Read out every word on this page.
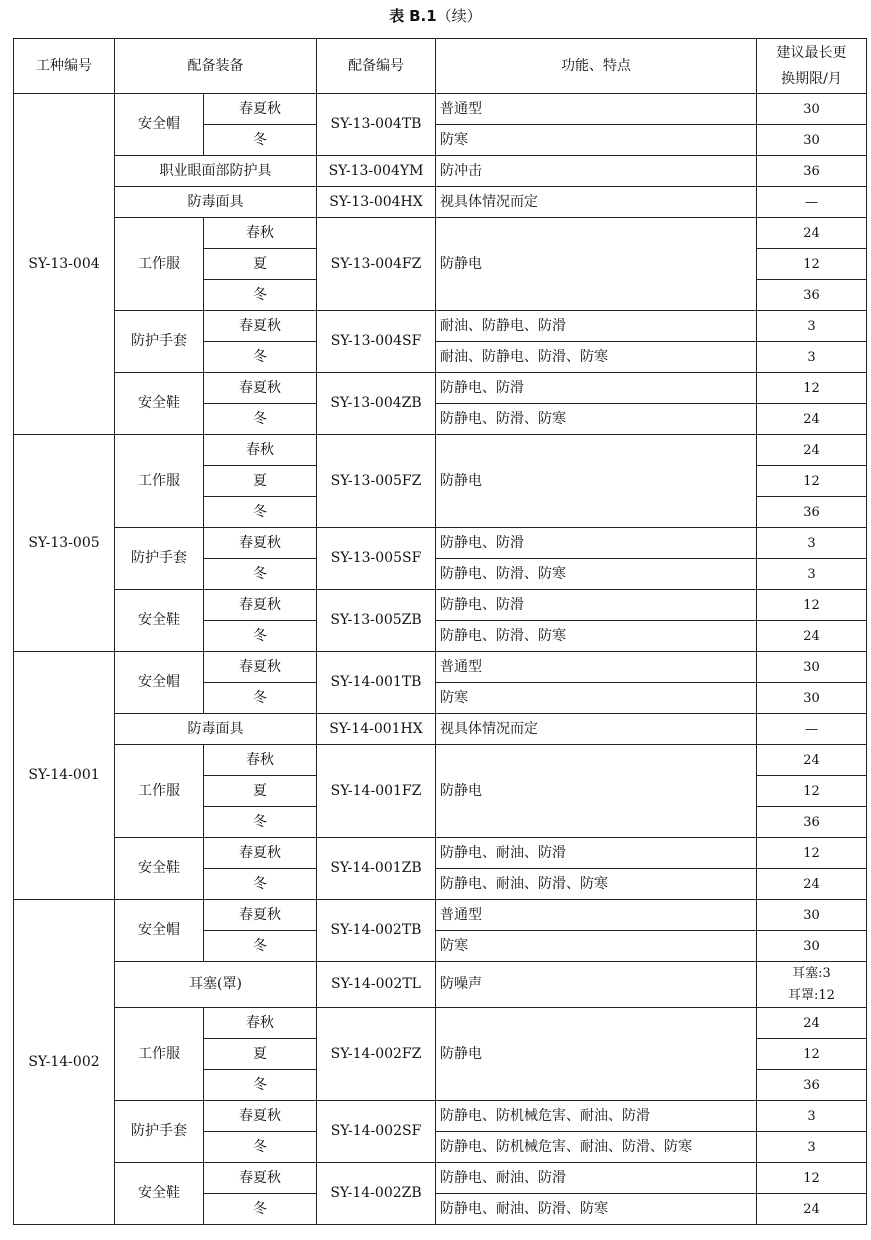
表 B.1（续）
工种编号	配备装备		配备编号	功能、特点	建议最长更
换期限/月
SY-13-004	安全帽	春夏秋	SY-13-004TB	普通型	30
		冬		防寒	30
	职业眼面部防护具		SY-13-004YM	防冲击	36
	防毒面具		SY-13-004HX	视具体情况而定	—
	工作服	春秋	SY-13-004FZ	防静电	24
		夏			12
		冬			36
	防护手套	春夏秋	SY-13-004SF	耐油、防静电、防滑	3
		冬		耐油、防静电、防滑、防寒	3
	安全鞋	春夏秋	SY-13-004ZB	防静电、防滑	12
		冬		防静电、防滑、防寒	24
SY-13-005	工作服	春秋	SY-13-005FZ	防静电	24
		夏			12
		冬			36
	防护手套	春夏秋	SY-13-005SF	防静电、防滑	3
		冬		防静电、防滑、防寒	3
	安全鞋	春夏秋	SY-13-005ZB	防静电、防滑	12
		冬		防静电、防滑、防寒	24
SY-14-001	安全帽	春夏秋	SY-14-001TB	普通型	30
		冬		防寒	30
	防毒面具		SY-14-001HX	视具体情况而定	—
	工作服	春秋	SY-14-001FZ	防静电	24
		夏			12
		冬			36
	安全鞋	春夏秋	SY-14-001ZB	防静电、耐油、防滑	12
		冬		防静电、耐油、防滑、防寒	24
SY-14-002	安全帽	春夏秋	SY-14-002TB	普通型	30
		冬		防寒	30
	耳塞(罩)		SY-14-002TL	防噪声	耳塞:3
耳罩:12
	工作服	春秋	SY-14-002FZ	防静电	24
		夏			12
		冬			36
	防护手套	春夏秋	SY-14-002SF	防静电、防机械危害、耐油、防滑	3
		冬		防静电、防机械危害、耐油、防滑、防寒	3
	安全鞋	春夏秋	SY-14-002ZB	防静电、耐油、防滑	12
		冬		防静电、耐油、防滑、防寒	24
